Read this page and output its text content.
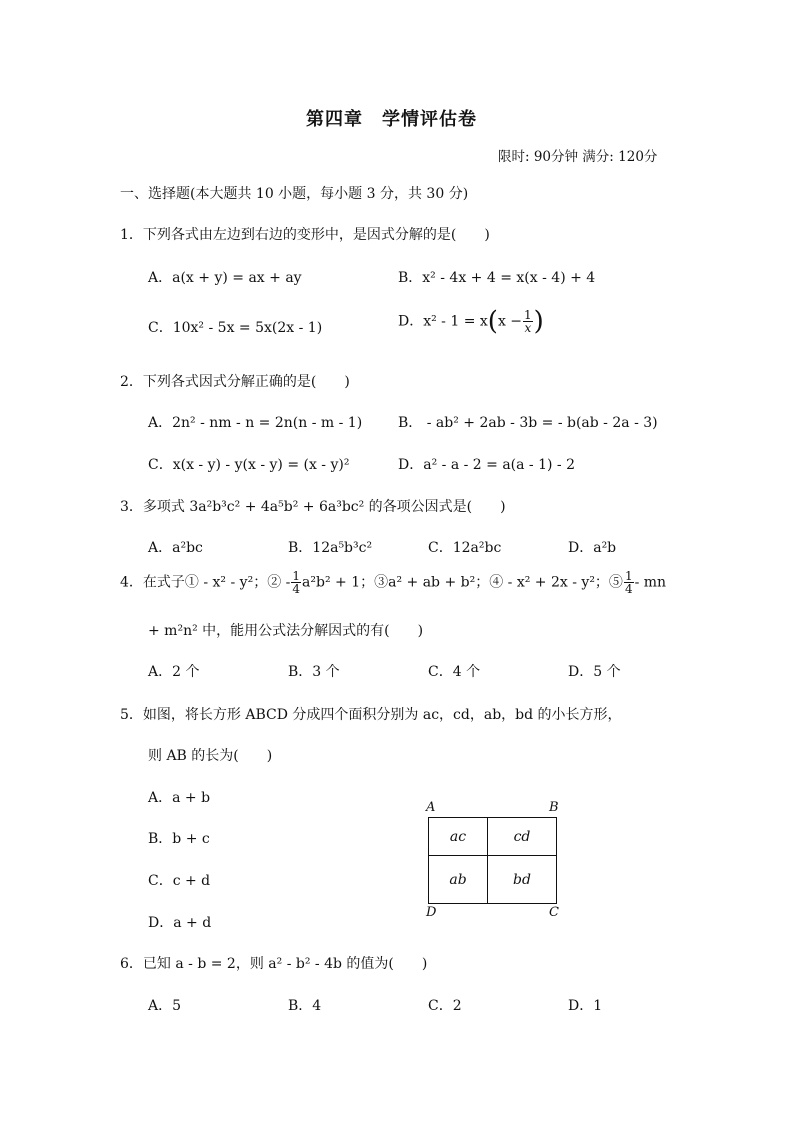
第四章　学情评估卷
限时: 90分钟 满分: 120分
一、选择题(本大题共 10 小题，每小题 3 分，共 30 分)
1．下列各式由左边到右边的变形中，是因式分解的是(　　)
A．a(x + y) = ax + ay	B．x² - 4x + 4 = x(x - 4) + 4
C．10x² - 5x = 5x(2x - 1)	D．$x^2 - 1 = x(x - \frac{1}{x}$ )
2．下列各式因式分解正确的是(　　)
A．2n² - nm - n = 2n(n - m - 1)	B． - ab² + 2ab - 3b = - b(ab - 2a - 3)
C．x(x - y) - y(x - y) = (x - y)²	D．a² - a - 2 = a(a - 1) - 2
3．多项式 3a²b³c² + 4a⁵b² + 6a³bc² 的各项公因式是(　　)
A．a²bc	B．12a⁵b³c²	C．12a²bc	D．a²b
4．在式子① - x² - y²；② - $\frac{1}{4} a^2b^2 + 1$；③a² + ab + b²；④ - x² + 2x - y²；⑤ $\frac{1}{4}$ - mn
+ m²n² 中，能用公式法分解因式的有(　　)
A．2 个	B．3 个	C．4 个	D．5 个
5．如图，将长方形 ABCD 分成四个面积分别为 ac，cd，ab，bd 的小长方形，
则 AB 的长为(　　)
A．a + b
B．b + c
C．c + d
D．a + d
A	B
D	C
ac	cd
ab	bd
6．已知 a - b = 2，则 a² - b² - 4b 的值为(　　)
A．5	B．4	C．2	D．1
